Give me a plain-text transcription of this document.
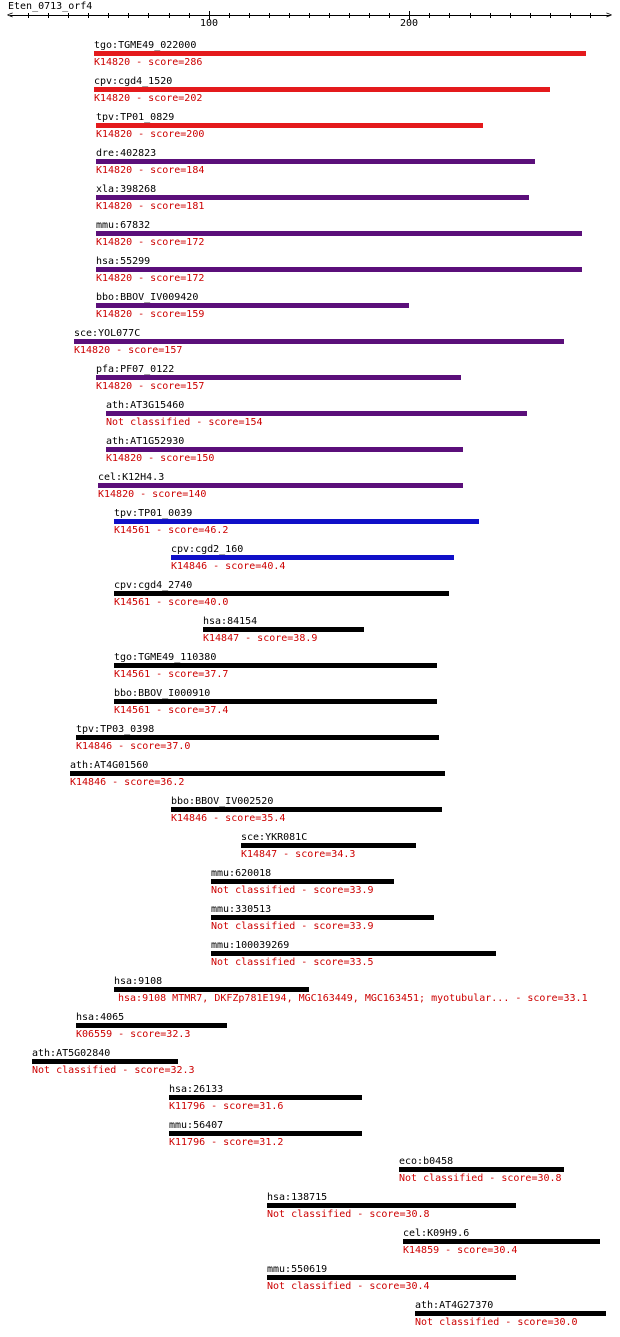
Eten_0713_orf4
<	>
100	200
tgo:TGME49_022000
K14820 - score=286
cpv:cgd4_1520
K14820 - score=202
tpv:TP01_0829
K14820 - score=200
dre:402823
K14820 - score=184
xla:398268
K14820 - score=181
mmu:67832
K14820 - score=172
hsa:55299
K14820 - score=172
bbo:BBOV_IV009420
K14820 - score=159
sce:YOL077C
K14820 - score=157
pfa:PF07_0122
K14820 - score=157
ath:AT3G15460
Not classified - score=154
ath:AT1G52930
K14820 - score=150
cel:K12H4.3
K14820 - score=140
tpv:TP01_0039
K14561 - score=46.2
cpv:cgd2_160
K14846 - score=40.4
cpv:cgd4_2740
K14561 - score=40.0
hsa:84154
K14847 - score=38.9
tgo:TGME49_110380
K14561 - score=37.7
bbo:BBOV_I000910
K14561 - score=37.4
tpv:TP03_0398
K14846 - score=37.0
ath:AT4G01560
K14846 - score=36.2
bbo:BBOV_IV002520
K14846 - score=35.4
sce:YKR081C
K14847 - score=34.3
mmu:620018
Not classified - score=33.9
mmu:330513
Not classified - score=33.9
mmu:100039269
Not classified - score=33.5
hsa:9108
hsa:9108 MTMR7, DKFZp781E194, MGC163449, MGC163451; myotubular... - score=33.1
hsa:4065
K06559 - score=32.3
ath:AT5G02840
Not classified - score=32.3
hsa:26133
K11796 - score=31.6
mmu:56407
K11796 - score=31.2
eco:b0458
Not classified - score=30.8
hsa:138715
Not classified - score=30.8
cel:K09H9.6
K14859 - score=30.4
mmu:550619
Not classified - score=30.4
ath:AT4G27370
Not classified - score=30.0
